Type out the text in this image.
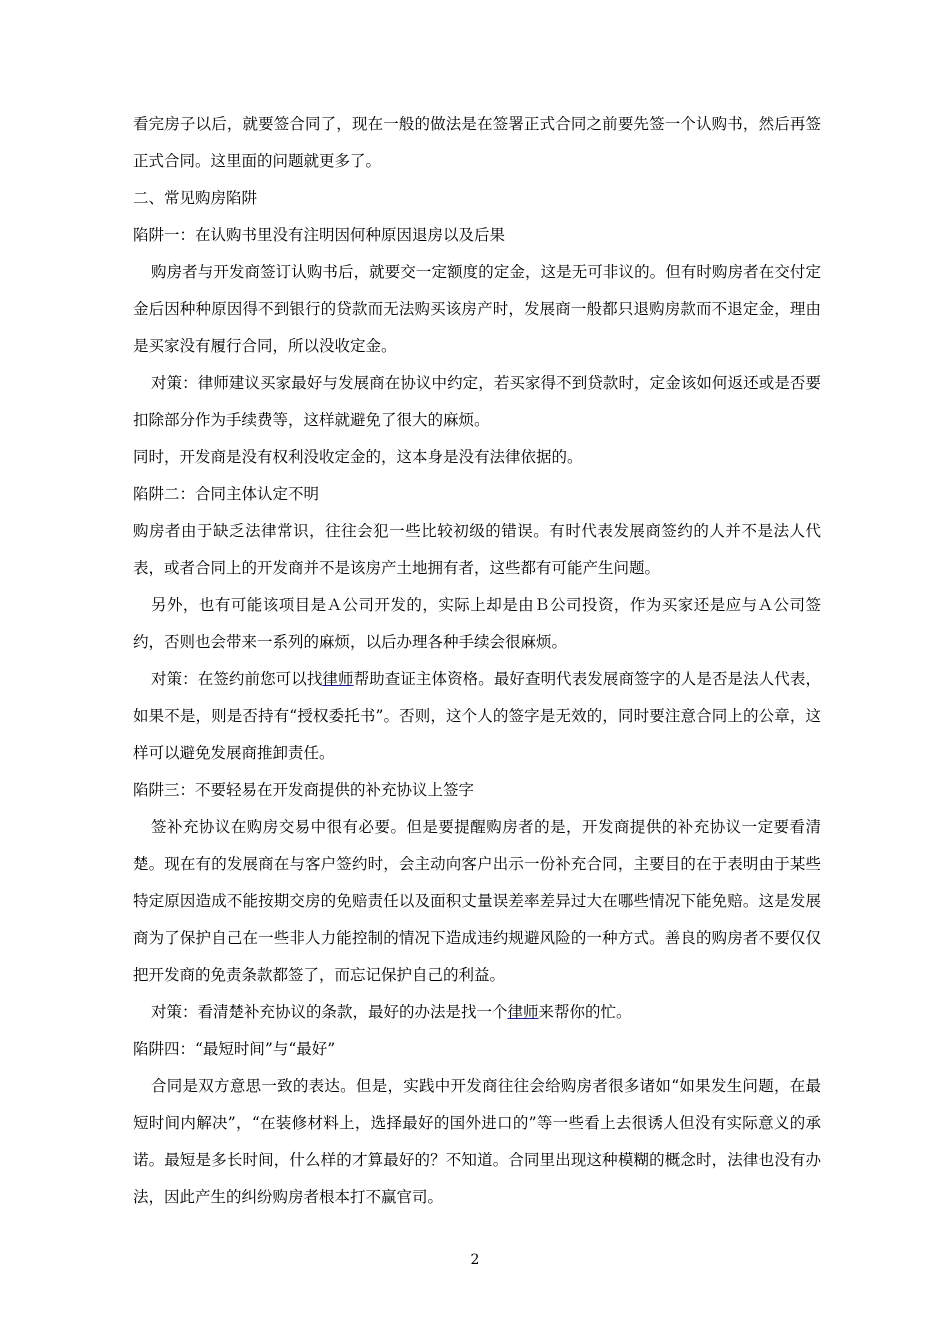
看完房子以后，就要签合同了，现在一般的做法是在签署正式合同之前要先签一个认购书，然后再签正式合同。这里面的问题就更多了。

二、常见购房陷阱

陷阱一：在认购书里没有注明因何种原因退房以及后果

购房者与开发商签订认购书后，就要交一定额度的定金，这是无可非议的。但有时购房者在交付定金后因种种原因得不到银行的贷款而无法购买该房产时，发展商一般都只退购房款而不退定金，理由是买家没有履行合同，所以没收定金。

对策：律师建议买家最好与发展商在协议中约定，若买家得不到贷款时，定金该如何返还或是否要扣除部分作为手续费等，这样就避免了很大的麻烦。

同时，开发商是没有权利没收定金的，这本身是没有法律依据的。

陷阱二：合同主体认定不明

购房者由于缺乏法律常识，往往会犯一些比较初级的错误。有时代表发展商签约的人并不是法人代表，或者合同上的开发商并不是该房产土地拥有者，这些都有可能产生问题。

另外，也有可能该项目是Ａ公司开发的，实际上却是由Ｂ公司投资，作为买家还是应与Ａ公司签约，否则也会带来一系列的麻烦，以后办理各种手续会很麻烦。

对策：在签约前您可以找律师帮助查证主体资格。最好查明代表发展商签字的人是否是法人代表，如果不是，则是否持有“授权委托书”。否则，这个人的签字是无效的，同时要注意合同上的公章，这样可以避免发展商推卸责任。

陷阱三：不要轻易在开发商提供的补充协议上签字

签补充协议在购房交易中很有必要。但是要提醒购房者的是，开发商提供的补充协议一定要看清楚。现在有的发展商在与客户签约时，会主动向客户出示一份补充合同，主要目的在于表明由于某些特定原因造成不能按期交房的免赔责任以及面积丈量误差率差异过大在哪些情况下能免赔。这是发展商为了保护自己在一些非人力能控制的情况下造成违约规避风险的一种方式。善良的购房者不要仅仅把开发商的免责条款都签了，而忘记保护自己的利益。

对策：看清楚补充协议的条款，最好的办法是找一个律师来帮你的忙。

陷阱四：“最短时间”与“最好”

合同是双方意思一致的表达。但是，实践中开发商往往会给购房者很多诸如“如果发生问题，在最短时间内解决”，“在装修材料上，选择最好的国外进口的”等一些看上去很诱人但没有实际意义的承诺。最短是多长时间，什么样的才算最好的？不知道。合同里出现这种模糊的概念时，法律也没有办法，因此产生的纠纷购房者根本打不赢官司。

2
